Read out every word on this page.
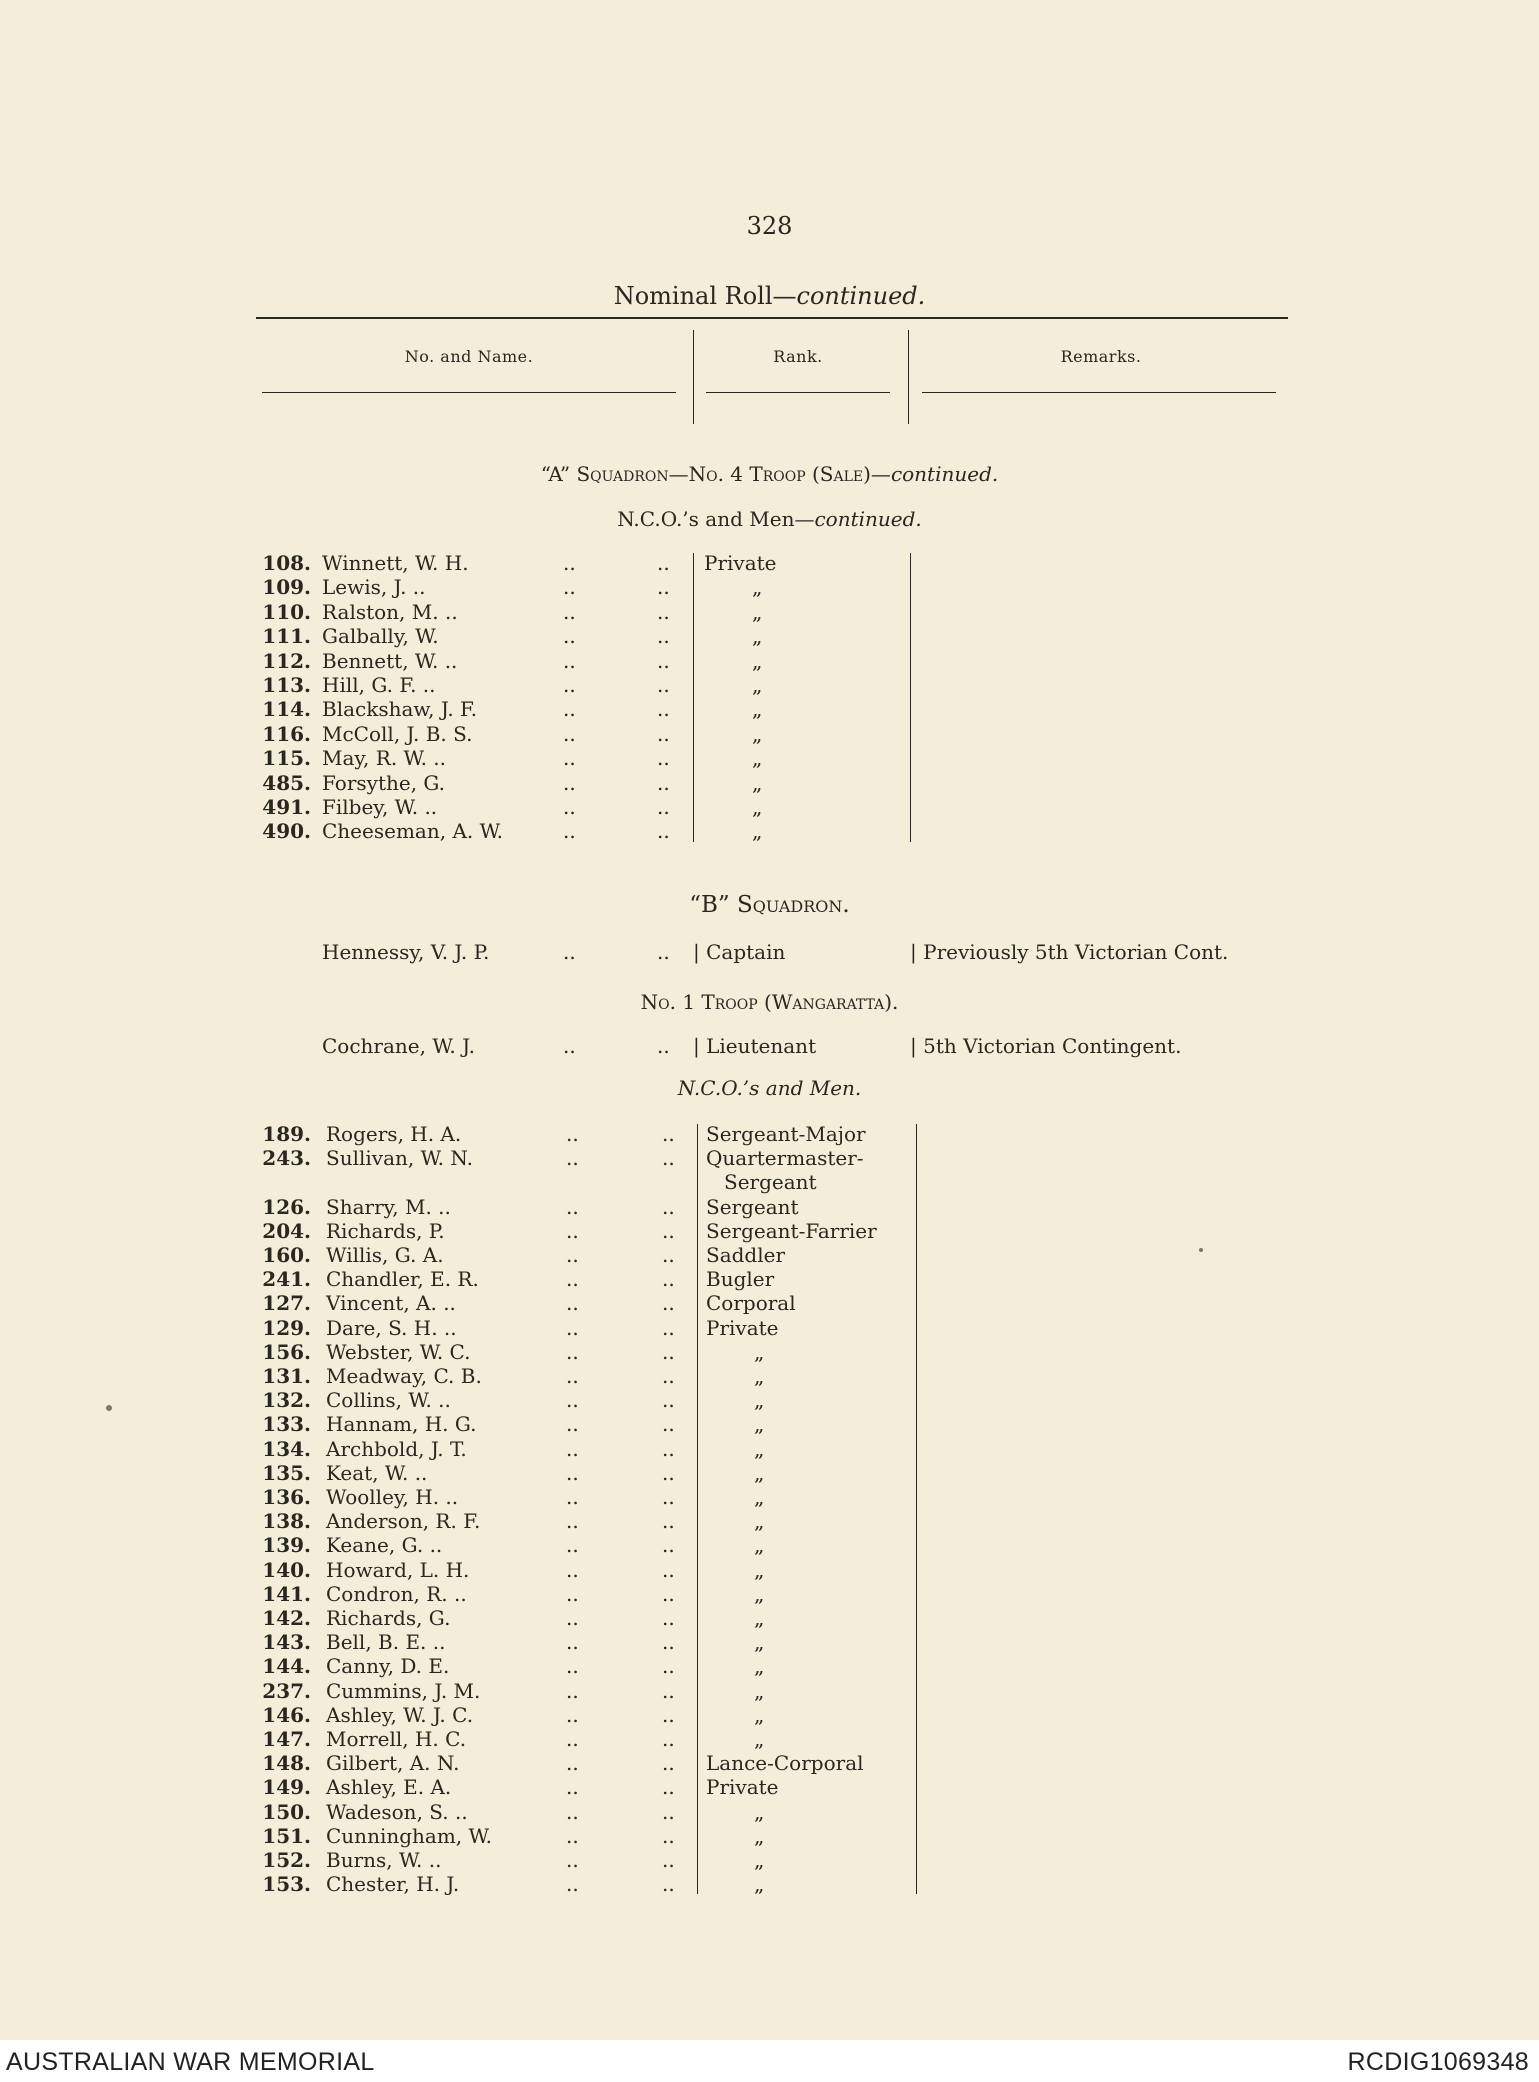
328
Nominal Roll—continued.
No. and Name.	Rank.	Remarks.
“A” Squadron—No. 4 Troop (Sale)—continued.
N.C.O.’s and Men—continued.
108. Winnett, W. H.	..	.. Private
109. Lewis, J. ..	..	..	„
110. Ralston, M. ..	..	..	„
111. Galbally, W.	..	..	„
112. Bennett, W. ..	..	..	„
113. Hill, G. F. ..	..	..	„
114. Blackshaw, J. F.	..	..	„
116. McColl, J. B. S.	..	..	„
115. May, R. W. ..	..	..	„
485. Forsythe, G.	..	..	„
491. Filbey, W. ..	..	..	„
490. Cheeseman, A. W.	..	..	„
“B” Squadron.
Hennessy, V. J. P.	..	.. | Captain	| Previously 5th Victorian Cont.
No. 1 Troop (Wangaratta).
Cochrane, W. J.	..	.. | Lieutenant	| 5th Victorian Contingent.
N.C.O.’s and Men.
189. Rogers, H. A.	..	.. Sergeant-Major
243. Sullivan, W. N.	..	.. Quartermaster-
Sergeant
126. Sharry, M. ..	..	.. Sergeant
204. Richards, P.	..	.. Sergeant-Farrier
160. Willis, G. A.	..	.. Saddler
241. Chandler, E. R.	..	.. Bugler
127. Vincent, A. ..	..	.. Corporal
129. Dare, S. H. ..	..	.. Private
156. Webster, W. C.	..	..	„
131. Meadway, C. B.	..	..	„
132. Collins, W. ..	..	..	„
133. Hannam, H. G.	..	..	„
134. Archbold, J. T.	..	..	„
135. Keat, W. ..	..	..	„
136. Woolley, H. ..	..	..	„
138. Anderson, R. F.	..	..	„
139. Keane, G. ..	..	..	„
140. Howard, L. H.	..	..	„
141. Condron, R. ..	..	..	„
142. Richards, G.	..	..	„
143. Bell, B. E. ..	..	..	„
144. Canny, D. E.	..	..	„
237. Cummins, J. M.	..	..	„
146. Ashley, W. J. C.	..	..	„
147. Morrell, H. C.	..	..	„
148. Gilbert, A. N.	..	.. Lance-Corporal
149. Ashley, E. A.	..	.. Private
150. Wadeson, S. ..	..	..	„
151. Cunningham, W.	..	..	„
152. Burns, W. ..	..	..	„
153. Chester, H. J.	..	..	„
AUSTRALIAN WAR MEMORIAL	RCDIG1069348
